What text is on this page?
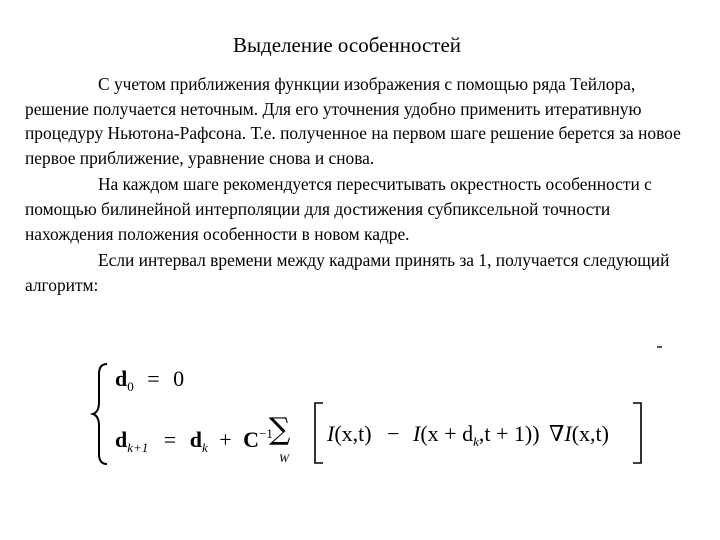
Выделение особенностей

С учетом приближения функции изображения с помощью ряда Тейлора, решение получается неточным. Для его уточнения удобно применить итеративную процедуру Ньютона-Рафсона. Т.е. полученное на первом шаге решение берется за новое первое приближение, уравнение снова и снова.

На каждом шаге рекомендуется пересчитывать окрестность особенности с помощью билинейной интерполяции для достижения субпиксельной точности нахождения положения особенности в новом кадре.

Если интервал времени между кадрами принять за 1, получается следующий алгоритм:

$d_0 = 0$
$d_{k+1} = d_k + C^{-1}$
∑
W
$I(x,t) - I(x + d_k,t + 1)$) ∇I(x,t)
